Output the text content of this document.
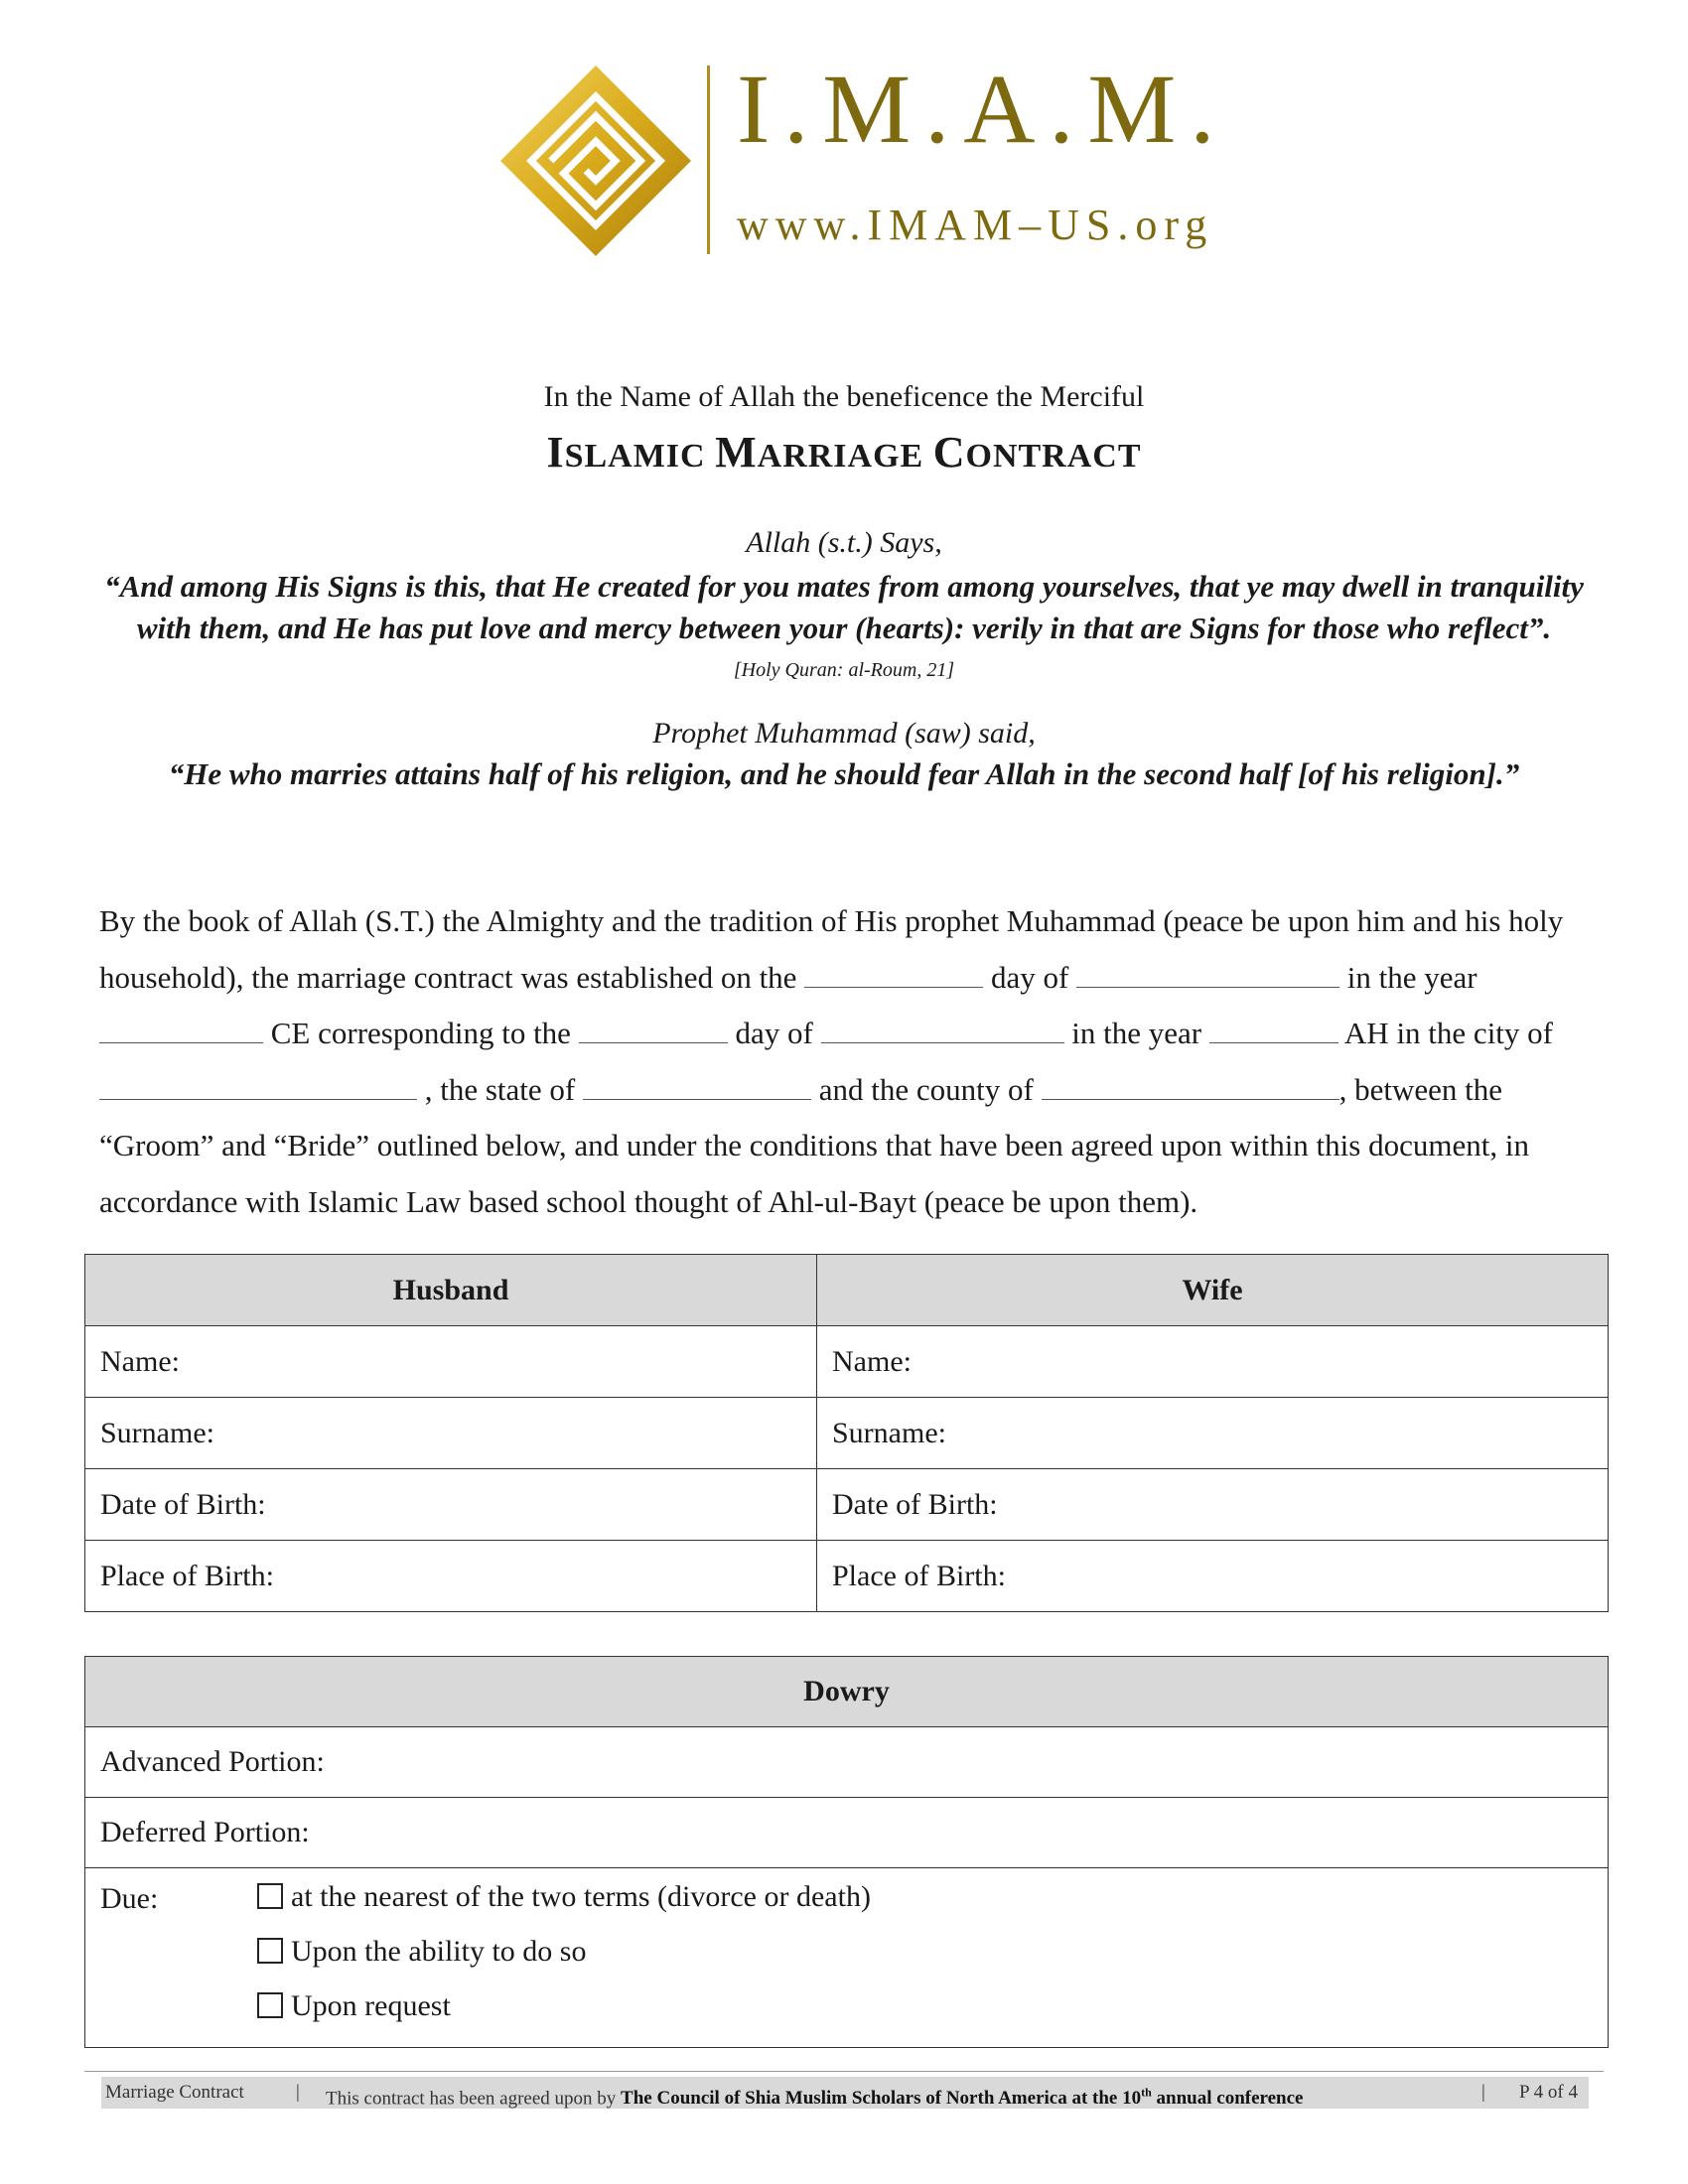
I.M.A.M.
www.IMAM–US.org
In the Name of Allah the beneficence the Merciful
ISLAMIC MARRIAGE CONTRACT
Allah (s.t.) Says,
“And among His Signs is this, that He created for you mates from among yourselves, that ye may dwell in tranquility
with them, and He has put love and mercy between your (hearts): verily in that are Signs for those who reflect”.
[Holy Quran: al-Roum, 21]
Prophet Muhammad (saw) said,
“He who marries attains half of his religion, and he should fear Allah in the second half [of his religion].”
By the book of Allah (S.T.) the Almighty and the tradition of His prophet Muhammad (peace be upon him and his holy household), the marriage contract was established on the	day of	in the year  CE corresponding to the	day of	in the year	AH in the city of  , the state of	and the county of	, between the “Groom” and “Bride” outlined below, and under the conditions that have been agreed upon within this document, in accordance with Islamic Law based school thought of Ahl-ul-Bayt (peace be upon them).
Husband	Wife
Name:	Name:
Surname:	Surname:
Date of Birth:	Date of Birth:
Place of Birth:	Place of Birth:
Dowry
Advanced Portion:
Deferred Portion:

Due:	at the nearest of the two terms (divorce or death)
Upon the ability to do so
Upon request
Marriage Contract	| This contract has been agreed upon by The Council of Shia Muslim Scholars of North America at the 10th annual conference	| P 4 of 4
